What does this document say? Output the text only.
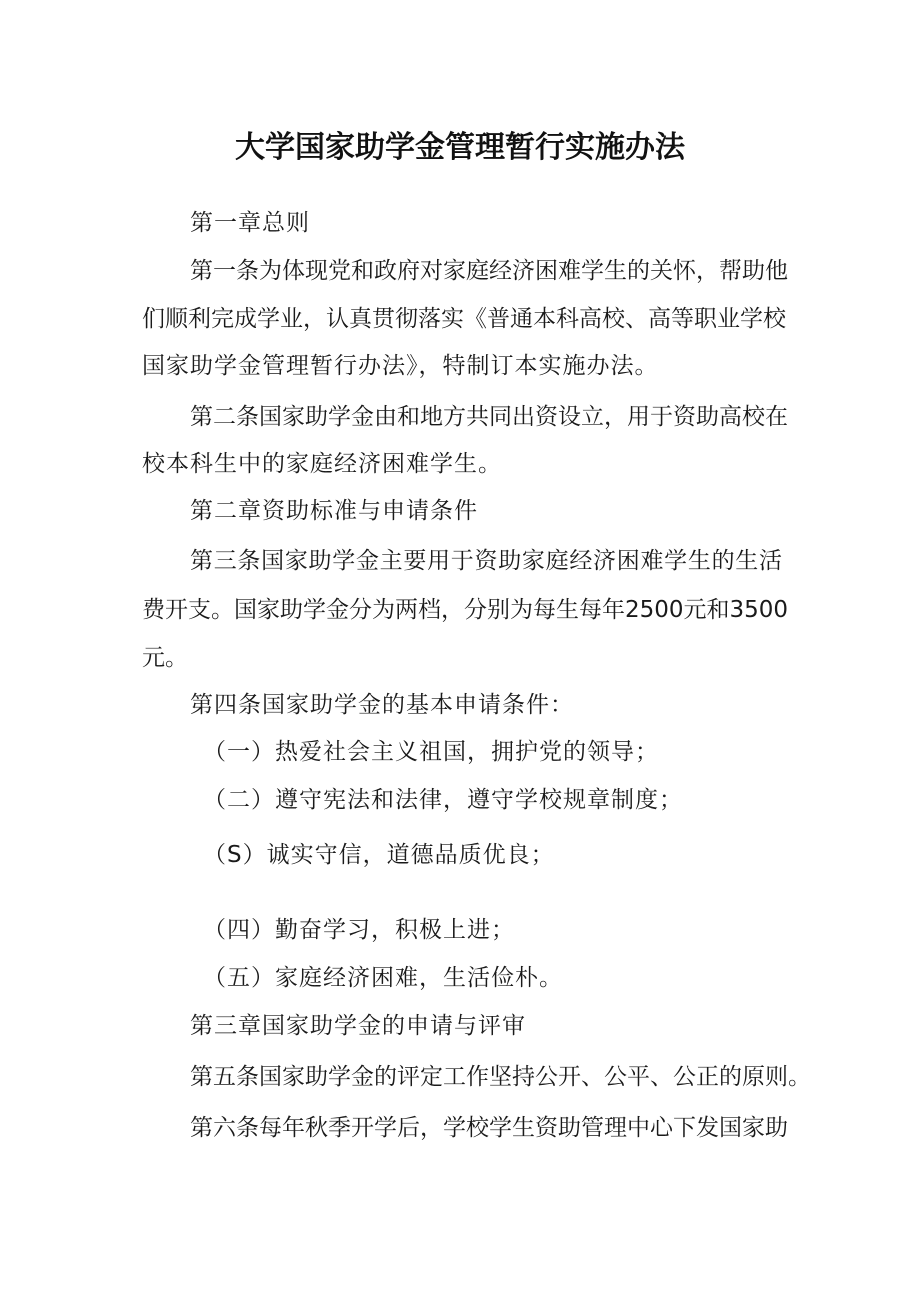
大学国家助学金管理暂行实施办法
第一章总则
第一条为体现党和政府对家庭经济困难学生的关怀，帮助他
们顺利完成学业，认真贯彻落实《普通本科高校、高等职业学校
国家助学金管理暂行办法》，特制订本实施办法。
第二条国家助学金由和地方共同出资设立，用于资助高校在
校本科生中的家庭经济困难学生。
第二章资助标准与申请条件
第三条国家助学金主要用于资助家庭经济困难学生的生活
费开支。国家助学金分为两档，分别为每生每年2500元和3500
元。
第四条国家助学金的基本申请条件：
（一）热爱社会主义祖国，拥护党的领导；
（二）遵守宪法和法律，遵守学校规章制度；
（S）诚实守信，道德品质优良；
（四）勤奋学习，积极上进；
（五）家庭经济困难，生活俭朴。
第三章国家助学金的申请与评审
第五条国家助学金的评定工作坚持公开、公平、公正的原则。
第六条每年秋季开学后，学校学生资助管理中心下发国家助
